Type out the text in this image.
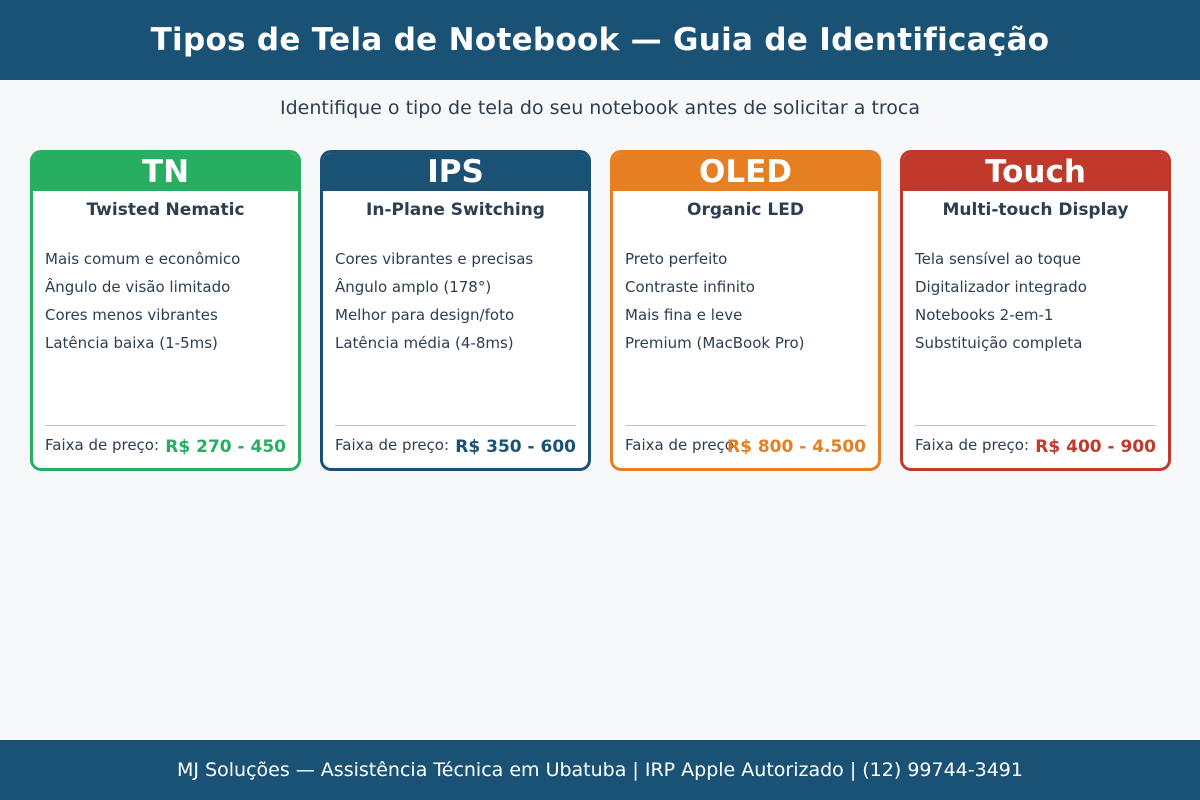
Tipos de Tela de Notebook — Guia de Identificação

Identifique o tipo de tela do seu notebook antes de solicitar a troca

TN
Twisted Nematic
Mais comum e econômico
Ângulo de visão limitado
Cores menos vibrantes
Latência baixa (1-5ms)
Faixa de preço: R$ 270 - 450
IPS
In-Plane Switching
Cores vibrantes e precisas
Ângulo amplo (178°)
Melhor para design/foto
Latência média (4-8ms)
Faixa de preço: R$ 350 - 600
OLED
Organic LED
Preto perfeito
Contraste infinito
Mais fina e leve
Premium (MacBook Pro)
Faixa de preço:
R$ 800 - 4.500
Touch
Multi-touch Display
Tela sensível ao toque
Digitalizador integrado
Notebooks 2-em-1
Substituição completa
Faixa de preço: R$ 400 - 900
MJ Soluções — Assistência Técnica em Ubatuba | IRP Apple Autorizado | (12) 99744-3491
